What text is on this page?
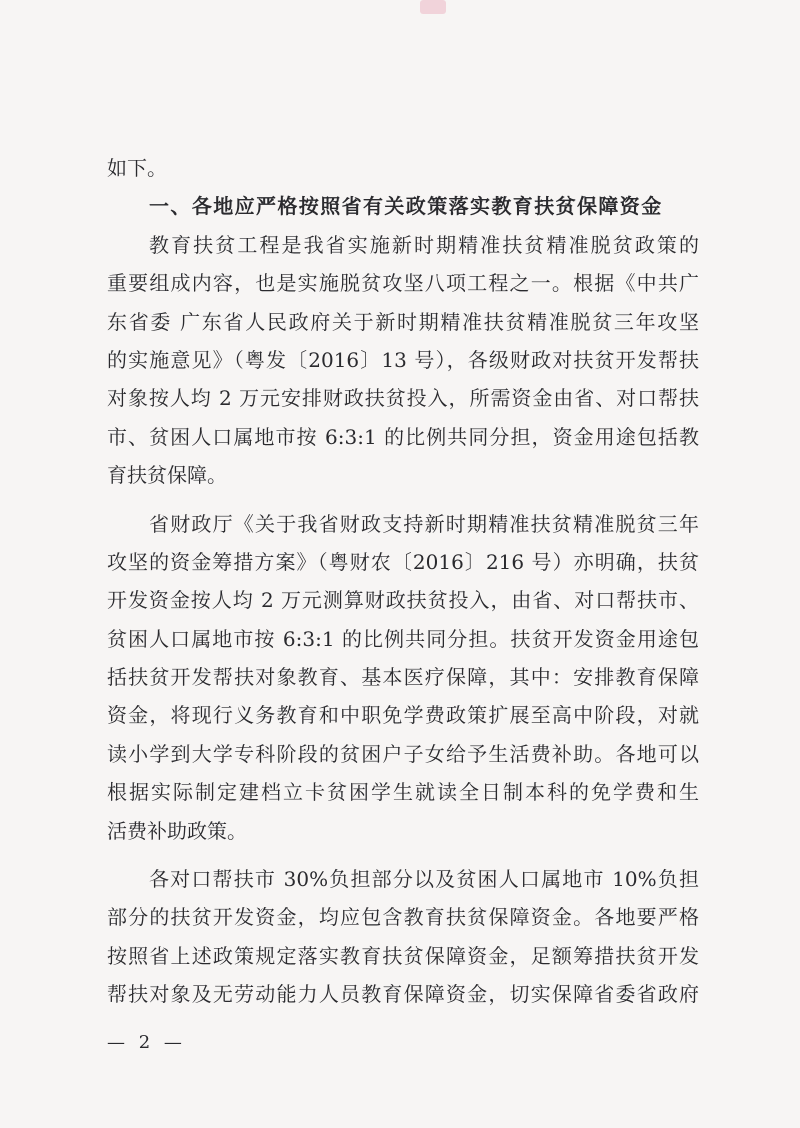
如下。
一、各地应严格按照省有关政策落实教育扶贫保障资金
教育扶贫工程是我省实施新时期精准扶贫精准脱贫政策的
重要组成内容，也是实施脱贫攻坚八项工程之一。根据《中共广
东省委 广东省人民政府关于新时期精准扶贫精准脱贫三年攻坚
的实施意见》（粤发〔2016〕13 号），各级财政对扶贫开发帮扶
对象按人均 2 万元安排财政扶贫投入，所需资金由省、对口帮扶
市、贫困人口属地市按 6:3:1 的比例共同分担，资金用途包括教
育扶贫保障。
省财政厅《关于我省财政支持新时期精准扶贫精准脱贫三年
攻坚的资金筹措方案》（粤财农〔2016〕216 号）亦明确，扶贫
开发资金按人均 2 万元测算财政扶贫投入，由省、对口帮扶市、
贫困人口属地市按 6:3:1 的比例共同分担。扶贫开发资金用途包
括扶贫开发帮扶对象教育、基本医疗保障，其中：安排教育保障
资金，将现行义务教育和中职免学费政策扩展至高中阶段，对就
读小学到大学专科阶段的贫困户子女给予生活费补助。各地可以
根据实际制定建档立卡贫困学生就读全日制本科的免学费和生
活费补助政策。
各对口帮扶市 30%负担部分以及贫困人口属地市 10%负担
部分的扶贫开发资金，均应包含教育扶贫保障资金。各地要严格
按照省上述政策规定落实教育扶贫保障资金，足额筹措扶贫开发
帮扶对象及无劳动能力人员教育保障资金，切实保障省委省政府
— 2 —
